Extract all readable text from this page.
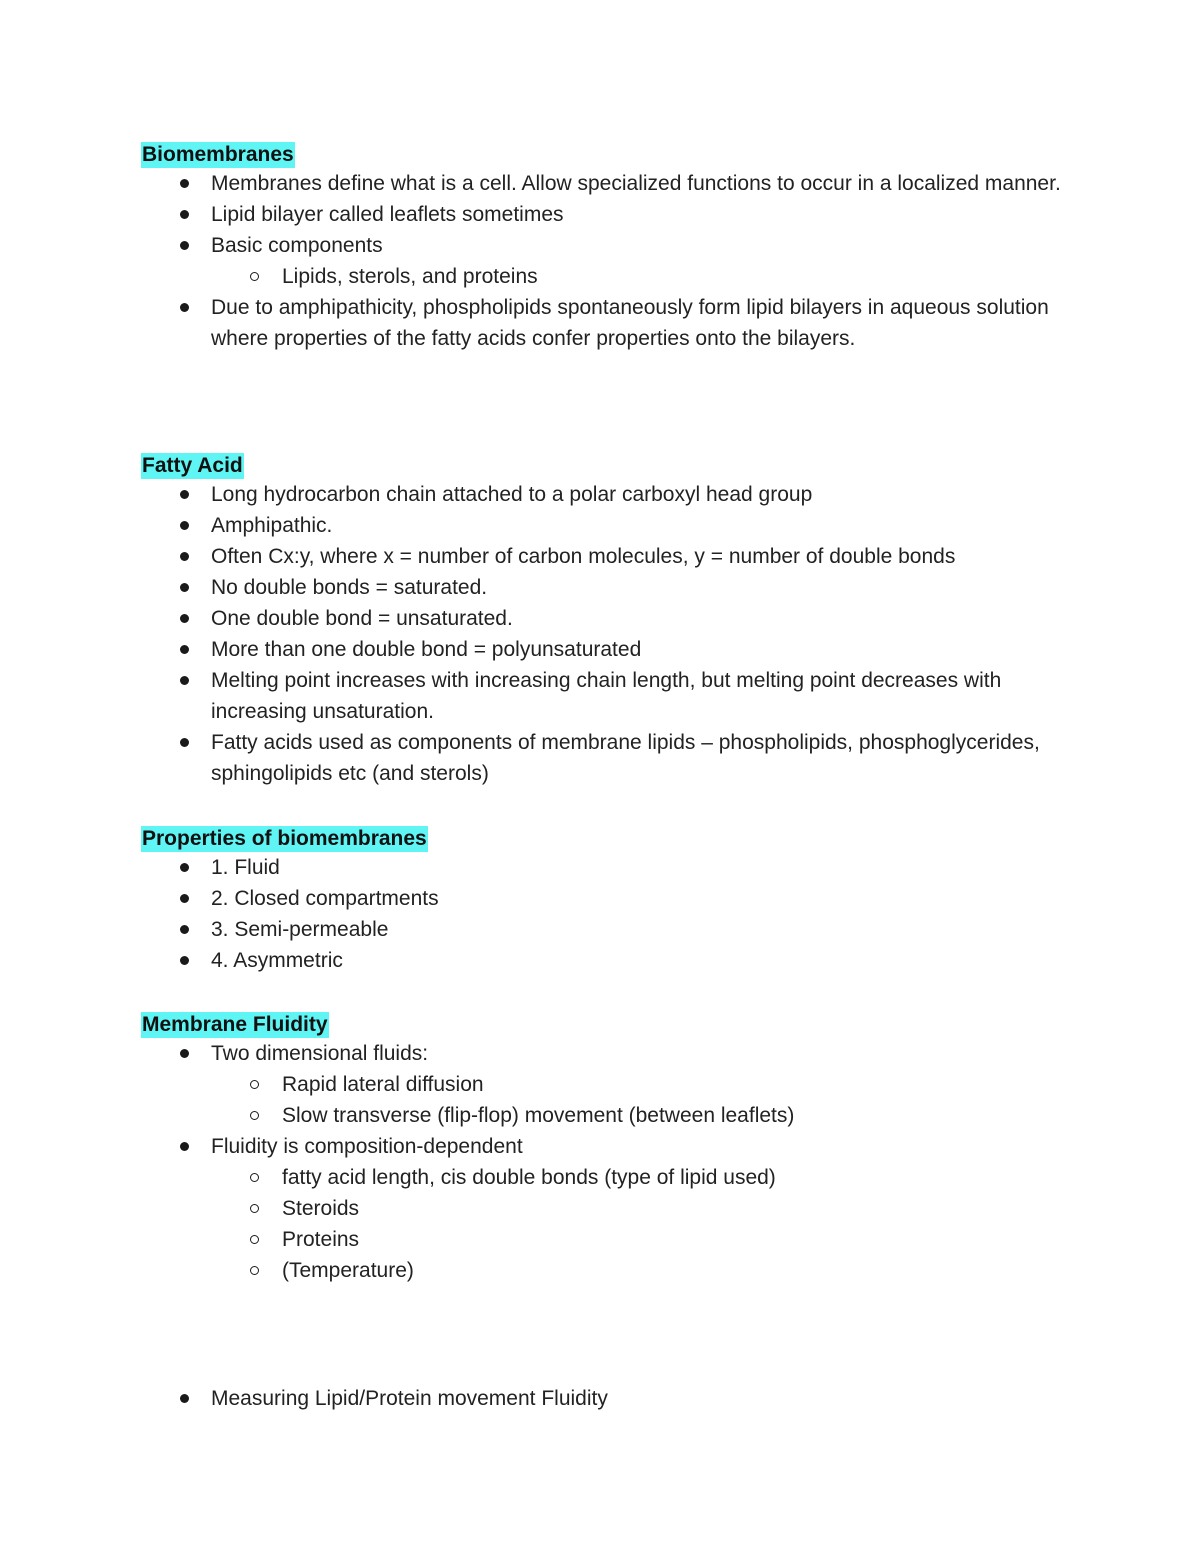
Biomembranes
Membranes define what is a cell. Allow specialized functions to occur in a localized manner.
Lipid bilayer called leaflets sometimes
Basic components
Lipids, sterols, and proteins
Due to amphipathicity, phospholipids spontaneously form lipid bilayers in aqueous solution where properties of the fatty acids confer properties onto the bilayers.
Fatty Acid
Long hydrocarbon chain attached to a polar carboxyl head group
Amphipathic.
Often Cx:y, where x = number of carbon molecules, y = number of double bonds
No double bonds = saturated.
One double bond = unsaturated.
More than one double bond = polyunsaturated
Melting point increases with increasing chain length, but melting point decreases with increasing unsaturation.
Fatty acids used as components of membrane lipids – phospholipids, phosphoglycerides, sphingolipids etc (and sterols)
Properties of biomembranes
1. Fluid
2. Closed compartments
3. Semi-permeable
4. Asymmetric
Membrane Fluidity
Two dimensional fluids:
Rapid lateral diffusion
Slow transverse (flip-flop) movement (between leaflets)
Fluidity is composition-dependent
fatty acid length, cis double bonds (type of lipid used)
Steroids
Proteins
(Temperature)
Measuring Lipid/Protein movement Fluidity
